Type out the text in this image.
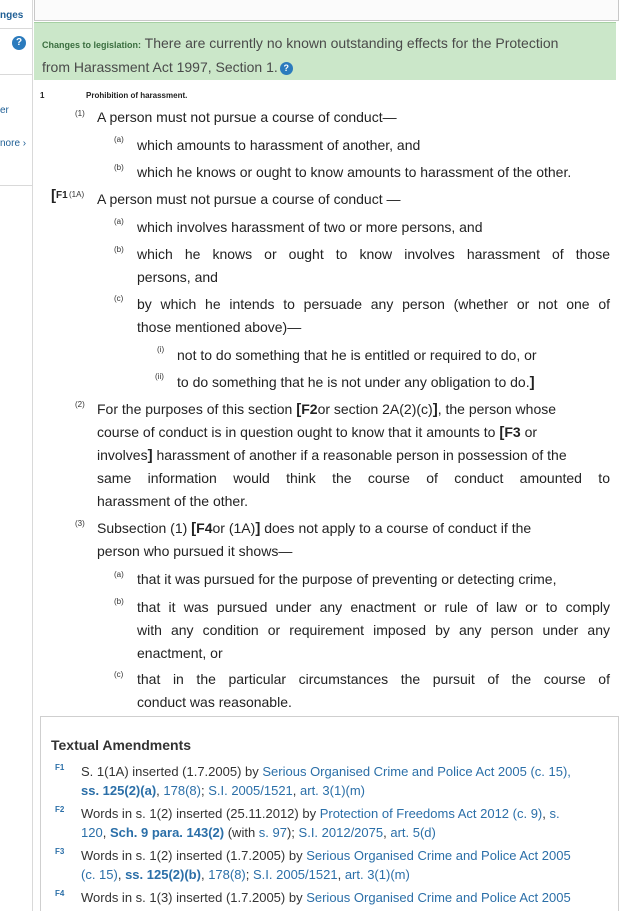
nges
?
er
nore ›
Changes to legislation: There are currently no known outstanding effects for the Protection
from Harassment Act 1997, Section 1. ?
1	Prohibition of harassment.
(1) A person must not pursue a course of conduct—
(a) which amounts to harassment of another, and
(b) which he knows or ought to know amounts to harassment of the other.
[F1 (1A) A person must not pursue a course of conduct —
(a) which involves harassment of two or more persons, and
(b) which he knows or ought to know involves harassment of those
persons, and
(c) by which he intends to persuade any person (whether or not one of
those mentioned above)—
(i) not to do something that he is entitled or required to do, or
(ii) to do something that he is not under any obligation to do.]
(2) For the purposes of this section [F2or section 2A(2)(c)], the person whose
course of conduct is in question ought to know that it amounts to [F3 or
involves] harassment of another if a reasonable person in possession of the
same information would think the course of conduct amounted to
harassment of the other.
(3) Subsection (1) [F4or (1A)] does not apply to a course of conduct if the
person who pursued it shows—
(a) that it was pursued for the purpose of preventing or detecting crime,
(b) that it was pursued under any enactment or rule of law or to comply
with any condition or requirement imposed by any person under any
enactment, or
(c) that in the particular circumstances the pursuit of the course of
conduct was reasonable.
Textual Amendments
F1 S. 1(1A) inserted (1.7.2005) by Serious Organised Crime and Police Act 2005 (c. 15),
ss. 125(2)(a), 178(8); S.I. 2005/1521, art. 3(1)(m)
F2 Words in s. 1(2) inserted (25.11.2012) by Protection of Freedoms Act 2012 (c. 9), s.
120, Sch. 9 para. 143(2) (with s. 97); S.I. 2012/2075, art. 5(d)
F3 Words in s. 1(2) inserted (1.7.2005) by Serious Organised Crime and Police Act 2005
(c. 15), ss. 125(2)(b), 178(8); S.I. 2005/1521, art. 3(1)(m)
F4 Words in s. 1(3) inserted (1.7.2005) by Serious Organised Crime and Police Act 2005
